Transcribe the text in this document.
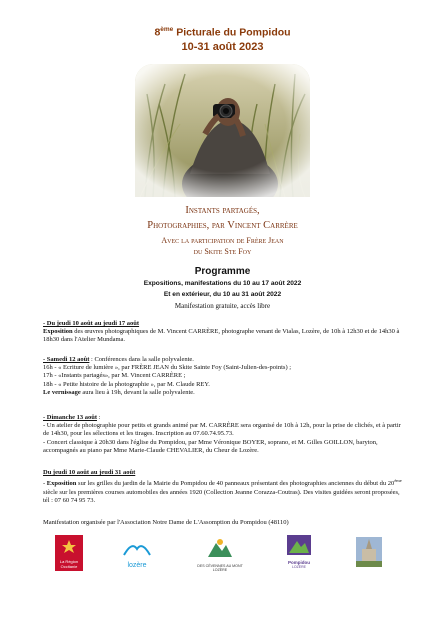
8ème Picturale du Pompidou
10-31 août 2023
Instants partagés,
Photographies, par Vincent Carrère
Avec la participation de Frère Jean
du Skite Ste Foy
Programme
Expositions, manifestations du 10 au 17 août 2022
Et en extérieur, du 10 au 31 août 2022
Manifestation gratuite, accès libre

- Du jeudi 10 août au jeudi 17 août

Exposition des œuvres photographiques de M. Vincent CARRÈRE, photographe venant de Vialas, Lozère, de 10h à 12h30 et de 14h30 à 18h30 dans l'Atelier Mundama.

- Samedi 12 août : Conférences dans la salle polyvalente.

16h - « Ecriture de lumière », par FRÈRE JEAN du Skite Sainte Foy (Saint-Julien-des-points) ;

17h - «Instants partagés», par M. Vincent CARRÈRE ;

18h - « Petite histoire de la photographie », par M. Claude REY.

Le vernissage aura lieu à 19h, devant la salle polyvalente.

- Dimanche 13 août :

- Un atelier de photographie pour petits et grands animé par M. CARRÈRE sera organisé de 10h à 12h, pour la prise de clichés, et à partir de 14h30, pour les sélections et les tirages. Inscription au 07.60.74.95.73.

- Concert classique à 20h30 dans l'église du Pompidou, par Mme Véronique BOYER, soprano, et M. Gilles GOILLON, baryton, accompagnés au piano par Mme Marie-Claude CHEVALIER, du Cheur de Lozère.

Du jeudi 10 août au jeudi 31 août

- Exposition sur les grilles du jardin de la Mairie du Pompidou de 40 panneaux présentant des photographies anciennes du début du 20ème siècle sur les premières courses automobiles des années 1920 (Collection Jeanne Corazza-Coutras). Des visites guidées seront proposées, tél : 07 60 74 95 73.

Manifestation organisée par l'Association Notre Dame de L'Assomption du Pompidou (48110)
La Région Occitanie	lozère	DES CÉVENNES AU MONT LOZÈRE
Pompidou
LOZÈRE
